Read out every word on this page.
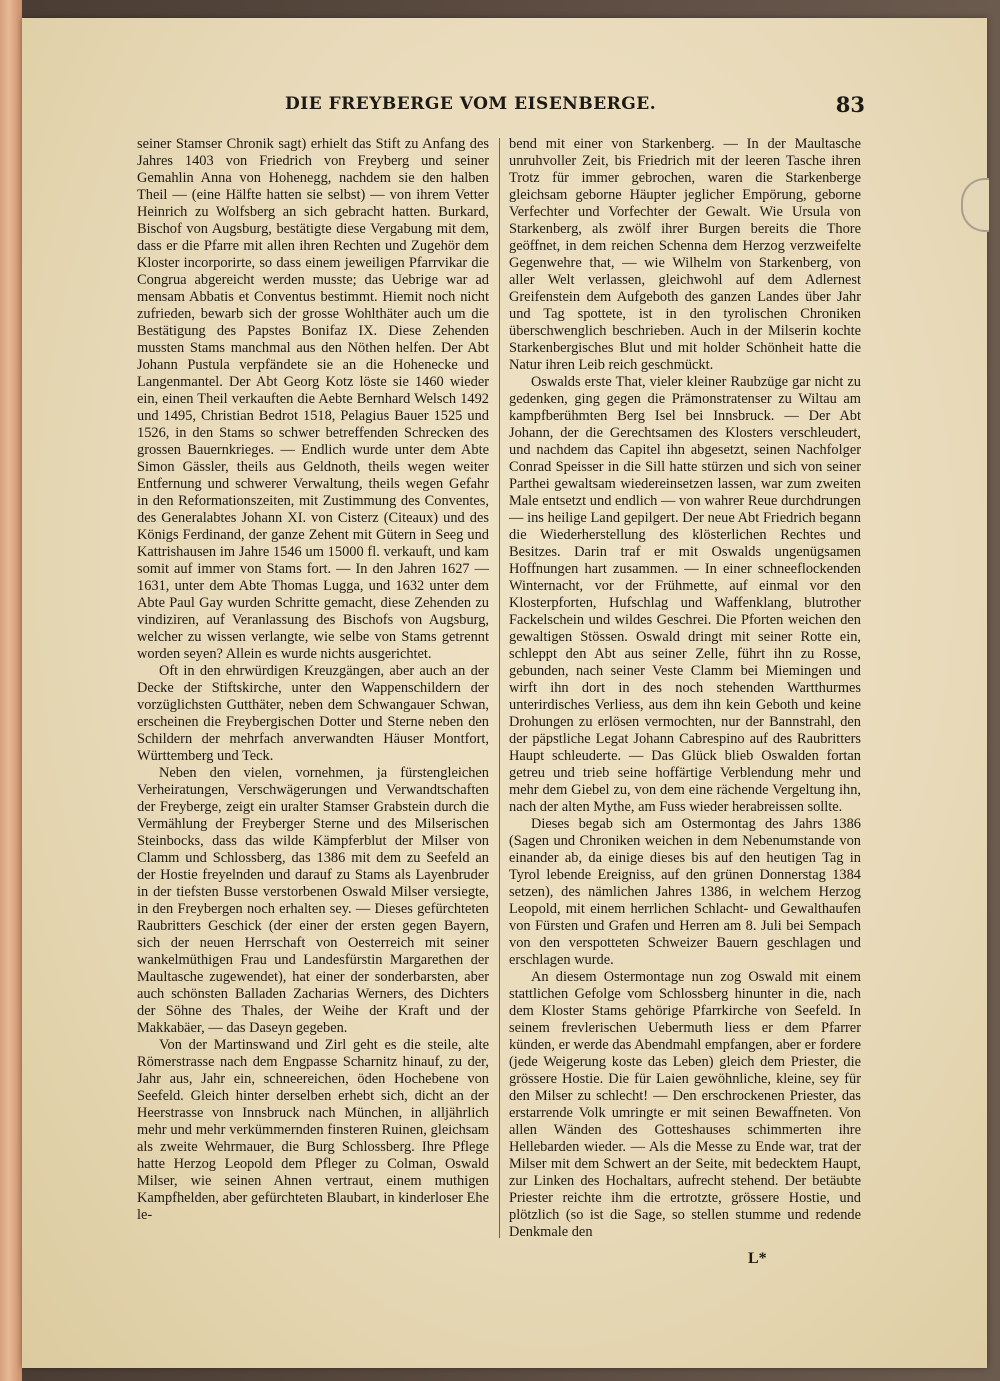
DIE FREYBERGE VOM EISENBERGE.	83

seiner Stamser Chronik sagt) erhielt das Stift zu Anfang des Jahres 1403 von Friedrich von Freyberg und seiner Gemahlin Anna von Hohenegg, nachdem sie den halben Theil — (eine Hälfte hatten sie selbst) — von ihrem Vetter Heinrich zu Wolfsberg an sich gebracht hatten. Burkard, Bischof von Augsburg, bestätigte diese Vergabung mit dem, dass er die Pfarre mit allen ihren Rechten und Zugehör dem Kloster incorporirte, so dass einem jeweiligen Pfarrvikar die Congrua abgereicht werden musste; das Uebrige war ad mensam Abbatis et Conventus bestimmt. Hiemit noch nicht zufrieden, bewarb sich der grosse Wohlthäter auch um die Bestätigung des Papstes Bonifaz IX. Diese Zehenden mussten Stams manchmal aus den Nöthen helfen. Der Abt Johann Pustula verpfändete sie an die Hohenecke und Langenmantel. Der Abt Georg Kotz löste sie 1460 wieder ein, einen Theil verkauften die Aebte Bernhard Welsch 1492 und 1495, Christian Bedrot 1518, Pelagius Bauer 1525 und 1526, in den Stams so schwer betreffenden Schrecken des grossen Bauernkrieges. — Endlich wurde unter dem Abte Simon Gässler, theils aus Geldnoth, theils wegen weiter Entfernung und schwerer Verwaltung, theils wegen Gefahr in den Reformationszeiten, mit Zustimmung des Conventes, des Generalabtes Johann XI. von Cisterz (Citeaux) und des Königs Ferdinand, der ganze Zehent mit Gütern in Seeg und Kattrishausen im Jahre 1546 um 15000 fl. verkauft, und kam somit auf immer von Stams fort. — In den Jahren 1627 — 1631, unter dem Abte Thomas Lugga, und 1632 unter dem Abte Paul Gay wurden Schritte gemacht, diese Zehenden zu vindiziren, auf Veranlassung des Bischofs von Augsburg, welcher zu wissen verlangte, wie selbe von Stams getrennt worden seyen? Allein es wurde nichts ausgerichtet.

Oft in den ehrwürdigen Kreuzgängen, aber auch an der Decke der Stiftskirche, unter den Wappenschildern der vorzüglichsten Gutthäter, neben dem Schwangauer Schwan, erscheinen die Freybergischen Dotter und Sterne neben den Schildern der mehrfach anverwandten Häuser Montfort, Württemberg und Teck.

Neben den vielen, vornehmen, ja fürstengleichen Verheiratungen, Verschwägerungen und Verwandtschaften der Freyberge, zeigt ein uralter Stamser Grabstein durch die Vermählung der Freyberger Sterne und des Milserischen Steinbocks, dass das wilde Kämpferblut der Milser von Clamm und Schlossberg, das 1386 mit dem zu Seefeld an der Hostie freyelnden und darauf zu Stams als Layenbruder in der tiefsten Busse verstorbenen Oswald Milser versiegte, in den Freybergen noch erhalten sey. — Dieses gefürchteten Raubritters Geschick (der einer der ersten gegen Bayern, sich der neuen Herrschaft von Oesterreich mit seiner wankelmüthigen Frau und Landesfürstin Margarethen der Maultasche zugewendet), hat einer der sonderbarsten, aber auch schönsten Balladen Zacharias Werners, des Dichters der Söhne des Thales, der Weihe der Kraft und der Makkabäer, — das Daseyn gegeben.

Von der Martinswand und Zirl geht es die steile, alte Römerstrasse nach dem Engpasse Scharnitz hinauf, zu der, Jahr aus, Jahr ein, schneereichen, öden Hochebene von Seefeld. Gleich hinter derselben erhebt sich, dicht an der Heerstrasse von Innsbruck nach München, in alljährlich mehr und mehr verkümmernden finsteren Ruinen, gleichsam als zweite Wehrmauer, die Burg Schlossberg. Ihre Pflege hatte Herzog Leopold dem Pfleger zu Colman, Oswald Milser, wie seinen Ahnen vertraut, einem muthigen Kampfhelden, aber gefürchteten Blaubart, in kinderloser Ehe le-

bend mit einer von Starkenberg. — In der Maultasche unruhvoller Zeit, bis Friedrich mit der leeren Tasche ihren Trotz für immer gebrochen, waren die Starkenberge gleichsam geborne Häupter jeglicher Empörung, geborne Verfechter und Vorfechter der Gewalt. Wie Ursula von Starkenberg, als zwölf ihrer Burgen bereits die Thore geöffnet, in dem reichen Schenna dem Herzog verzweifelte Gegenwehre that, — wie Wilhelm von Starkenberg, von aller Welt verlassen, gleichwohl auf dem Adlernest Greifenstein dem Aufgeboth des ganzen Landes über Jahr und Tag spottete, ist in den tyrolischen Chroniken überschwenglich beschrieben. Auch in der Milserin kochte Starkenbergisches Blut und mit holder Schönheit hatte die Natur ihren Leib reich geschmückt.

Oswalds erste That, vieler kleiner Raubzüge gar nicht zu gedenken, ging gegen die Prämonstratenser zu Wiltau am kampfberühmten Berg Isel bei Innsbruck. — Der Abt Johann, der die Gerechtsamen des Klosters verschleudert, und nachdem das Capitel ihn abgesetzt, seinen Nachfolger Conrad Speisser in die Sill hatte stürzen und sich von seiner Parthei gewaltsam wiedereinsetzen lassen, war zum zweiten Male entsetzt und endlich — von wahrer Reue durchdrungen — ins heilige Land gepilgert. Der neue Abt Friedrich begann die Wiederherstellung des klösterlichen Rechtes und Besitzes. Darin traf er mit Oswalds ungenügsamen Hoffnungen hart zusammen. — In einer schneeflockenden Winternacht, vor der Frühmette, auf einmal vor den Klosterpforten, Hufschlag und Waffenklang, blutrother Fackelschein und wildes Geschrei. Die Pforten weichen den gewaltigen Stössen. Oswald dringt mit seiner Rotte ein, schleppt den Abt aus seiner Zelle, führt ihn zu Rosse, gebunden, nach seiner Veste Clamm bei Miemingen und wirft ihn dort in des noch stehenden Wartthurmes unterirdisches Verliess, aus dem ihn kein Geboth und keine Drohungen zu erlösen vermochten, nur der Bannstrahl, den der päpstliche Legat Johann Cabrespino auf des Raubritters Haupt schleuderte. — Das Glück blieb Oswalden fortan getreu und trieb seine hoffärtige Verblendung mehr und mehr dem Giebel zu, von dem eine rächende Vergeltung ihn, nach der alten Mythe, am Fuss wieder herabreissen sollte.

Dieses begab sich am Ostermontag des Jahrs 1386 (Sagen und Chroniken weichen in dem Nebenumstande von einander ab, da einige dieses bis auf den heutigen Tag in Tyrol lebende Ereigniss, auf den grünen Donnerstag 1384 setzen), des nämlichen Jahres 1386, in welchem Herzog Leopold, mit einem herrlichen Schlacht- und Gewalthaufen von Fürsten und Grafen und Herren am 8. Juli bei Sempach von den verspotteten Schweizer Bauern geschlagen und erschlagen wurde.

An diesem Ostermontage nun zog Oswald mit einem stattlichen Gefolge vom Schlossberg hinunter in die, nach dem Kloster Stams gehörige Pfarrkirche von Seefeld. In seinem frevlerischen Uebermuth liess er dem Pfarrer künden, er werde das Abendmahl empfangen, aber er fordere (jede Weigerung koste das Leben) gleich dem Priester, die grössere Hostie. Die für Laien gewöhnliche, kleine, sey für den Milser zu schlecht! — Den erschrockenen Priester, das erstarrende Volk umringte er mit seinen Bewaffneten. Von allen Wänden des Gotteshauses schimmerten ihre Hellebarden wieder. — Als die Messe zu Ende war, trat der Milser mit dem Schwert an der Seite, mit bedecktem Haupt, zur Linken des Hochaltars, aufrecht stehend. Der betäubte Priester reichte ihm die ertrotzte, grössere Hostie, und plötzlich (so ist die Sage, so stellen stumme und redende Denkmale den

L*
